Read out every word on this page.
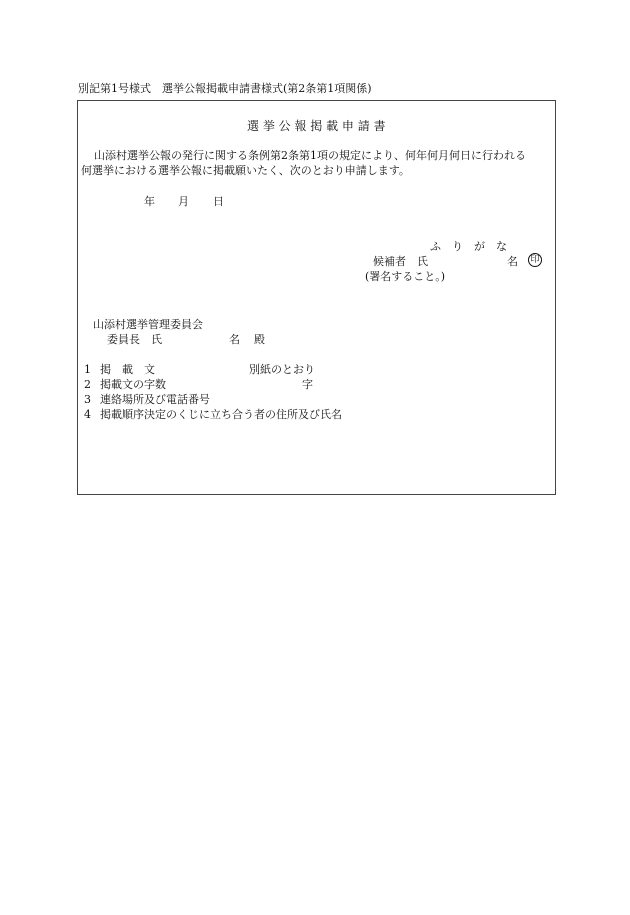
別記第1号様式　選挙公報掲載申請書様式(第2条第1項関係)
選 挙 公 報 掲 載 申 請 書
山添村選挙公報の発行に関する条例第2条第1項の規定により、何年何月何日に行われる
何選挙における選挙公報に掲載願いたく、次のとおり申請します。
年 月 日
ふ　り　が　な
候補者　氏	名 印
(署名すること。)
山添村選挙管理委員会
委員長　氏	名 殿
1 掲　載　文	別紙のとおり
2 掲載文の字数	字
3 連絡場所及び電話番号
4 掲載順序決定のくじに立ち合う者の住所及び氏名
